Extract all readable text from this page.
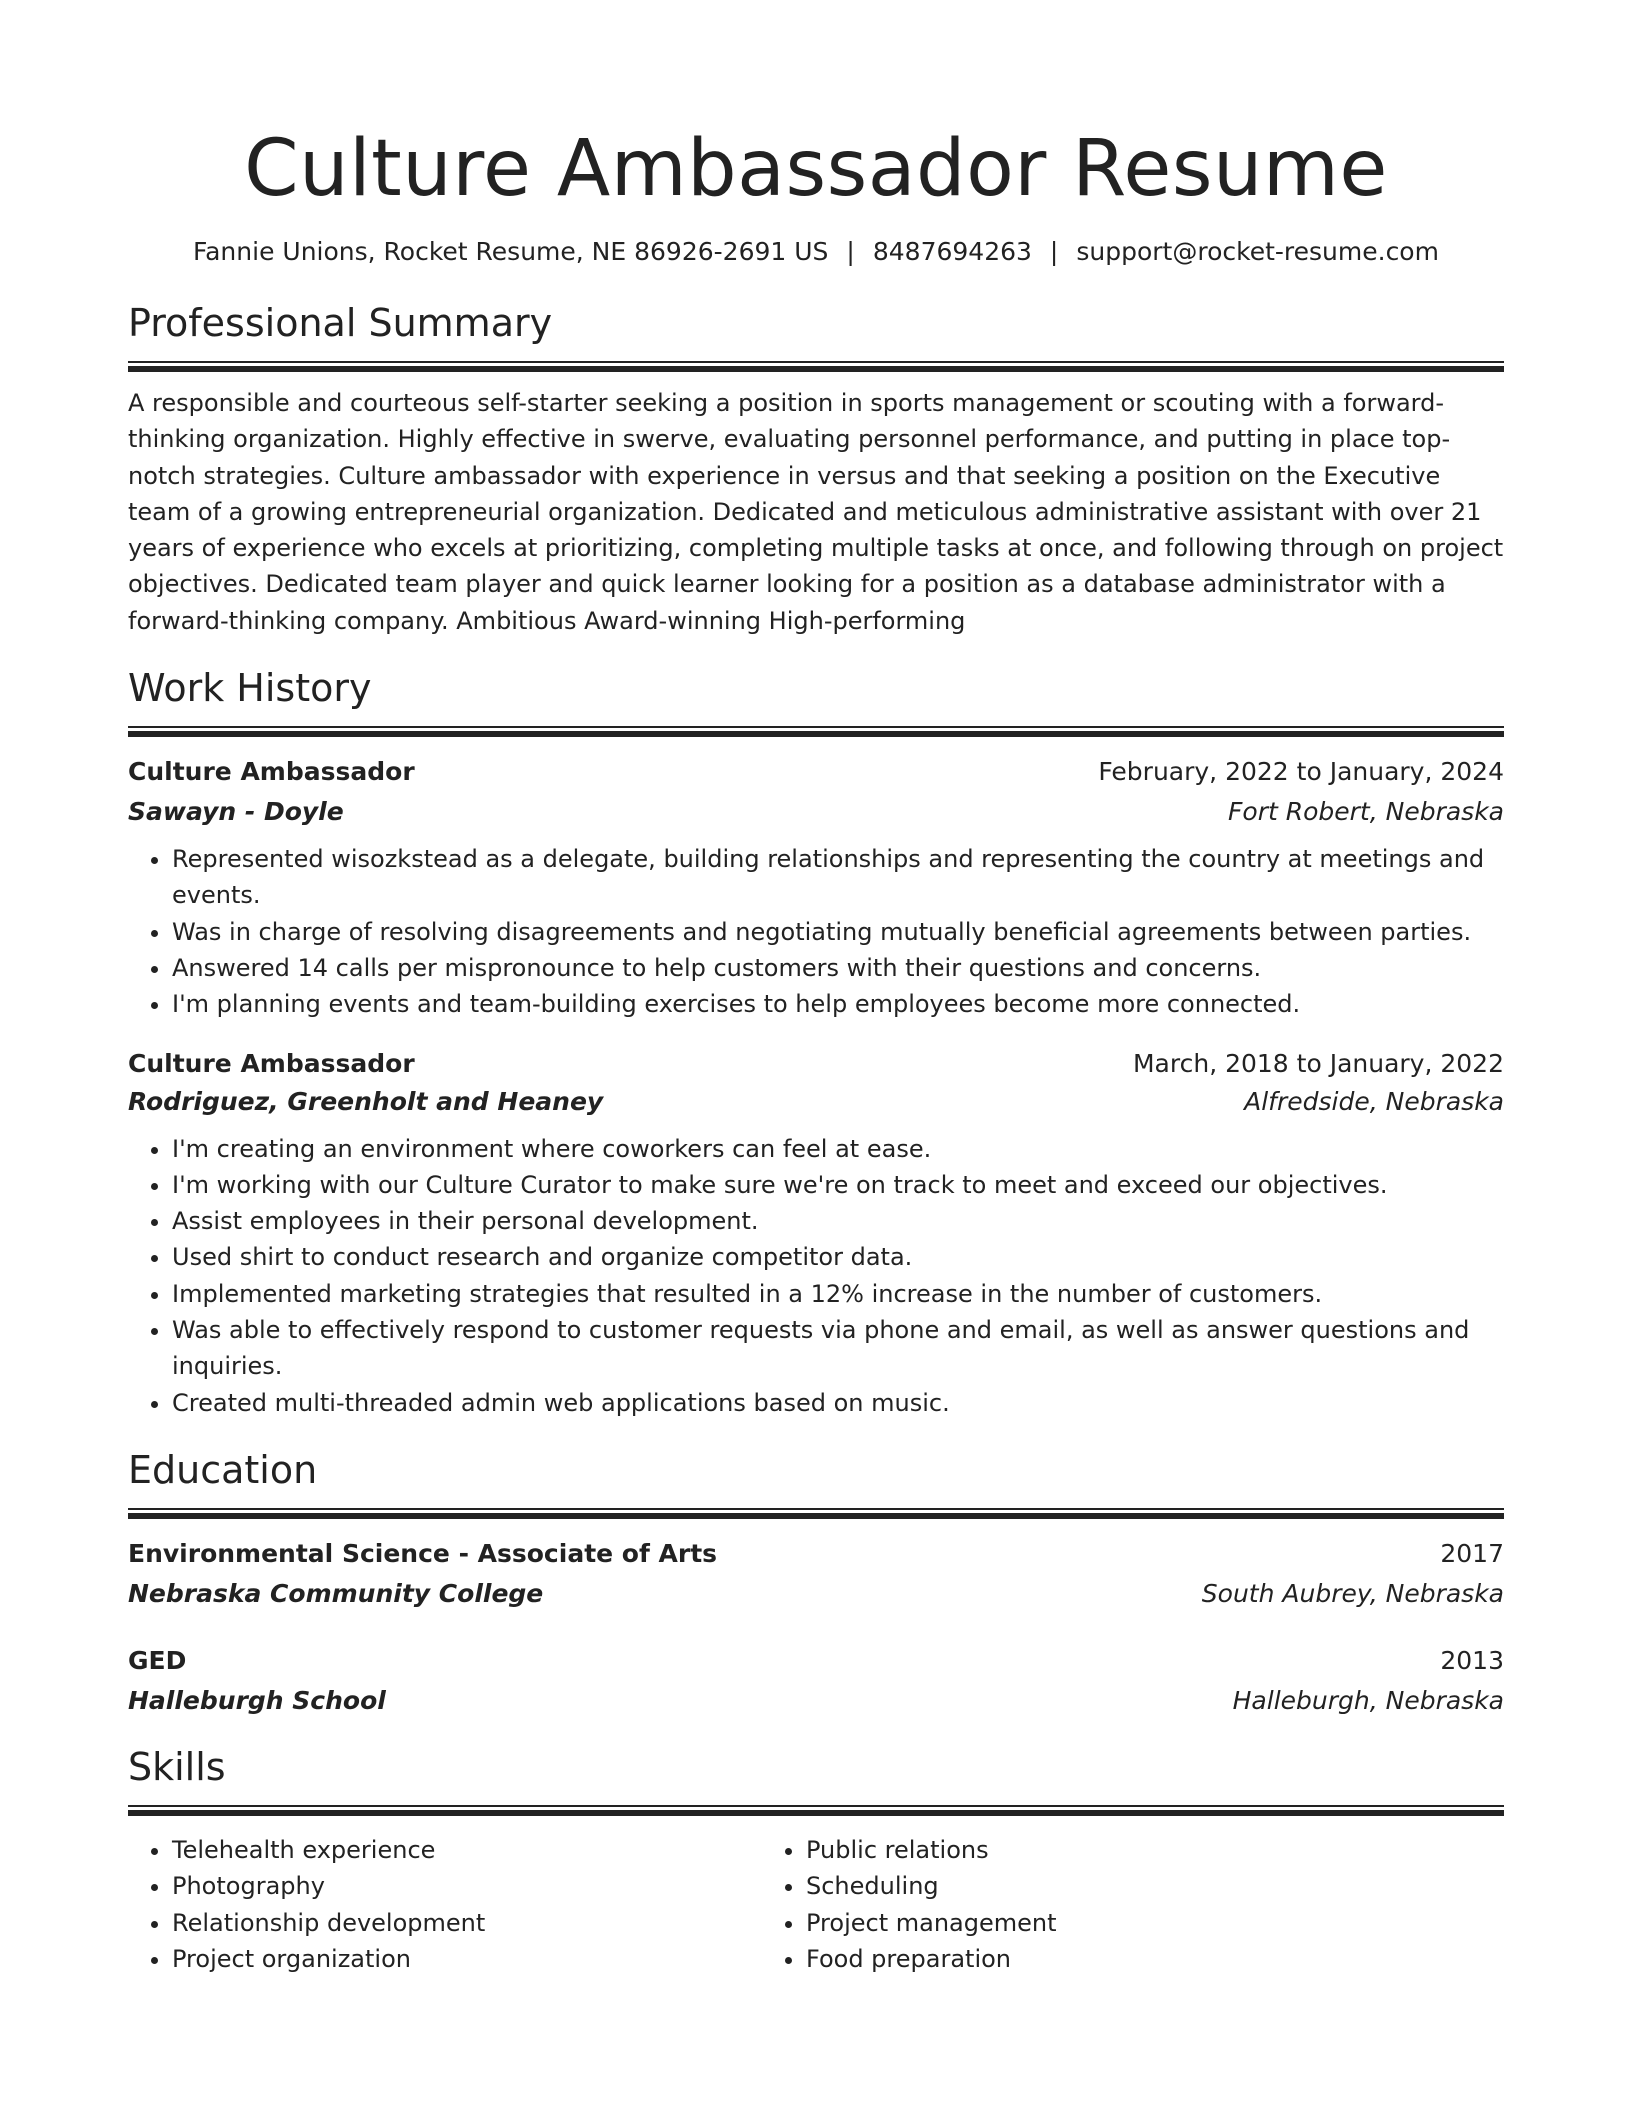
Culture Ambassador Resume
Fannie Unions, Rocket Resume, NE 86926-2691 US | 8487694263 | support@rocket-resume.com
Professional Summary
A responsible and courteous self-starter seeking a position in sports management or scouting with a forward-thinking organization. Highly effective in swerve, evaluating personnel performance, and putting in place top-notch strategies. Culture ambassador with experience in versus and that seeking a position on the Executive team of a growing entrepreneurial organization. Dedicated and meticulous administrative assistant with over 21 years of experience who excels at prioritizing, completing multiple tasks at once, and following through on project objectives. Dedicated team player and quick learner looking for a position as a database administrator with a forward-thinking company. Ambitious Award-winning High-performing
Work History
Culture Ambassador	February, 2022 to January, 2024
Sawayn - Doyle	Fort Robert, Nebraska
• Represented wisozkstead as a delegate, building relationships and representing the country at meetings and events.
• Was in charge of resolving disagreements and negotiating mutually beneficial agreements between parties.
• Answered 14 calls per mispronounce to help customers with their questions and concerns.
• I'm planning events and team-building exercises to help employees become more connected.
Culture Ambassador	March, 2018 to January, 2022
Rodriguez, Greenholt and Heaney	Alfredside, Nebraska
• I'm creating an environment where coworkers can feel at ease.
• I'm working with our Culture Curator to make sure we're on track to meet and exceed our objectives.
• Assist employees in their personal development.
• Used shirt to conduct research and organize competitor data.
• Implemented marketing strategies that resulted in a 12% increase in the number of customers.
• Was able to effectively respond to customer requests via phone and email, as well as answer questions and inquiries.
• Created multi-threaded admin web applications based on music.
Education
Environmental Science - Associate of Arts	2017
Nebraska Community College	South Aubrey, Nebraska
GED	2013
Halleburgh School	Halleburgh, Nebraska
Skills
• Telehealth experience
• Photography
• Relationship development
• Project organization
• Public relations
• Scheduling
• Project management
• Food preparation
